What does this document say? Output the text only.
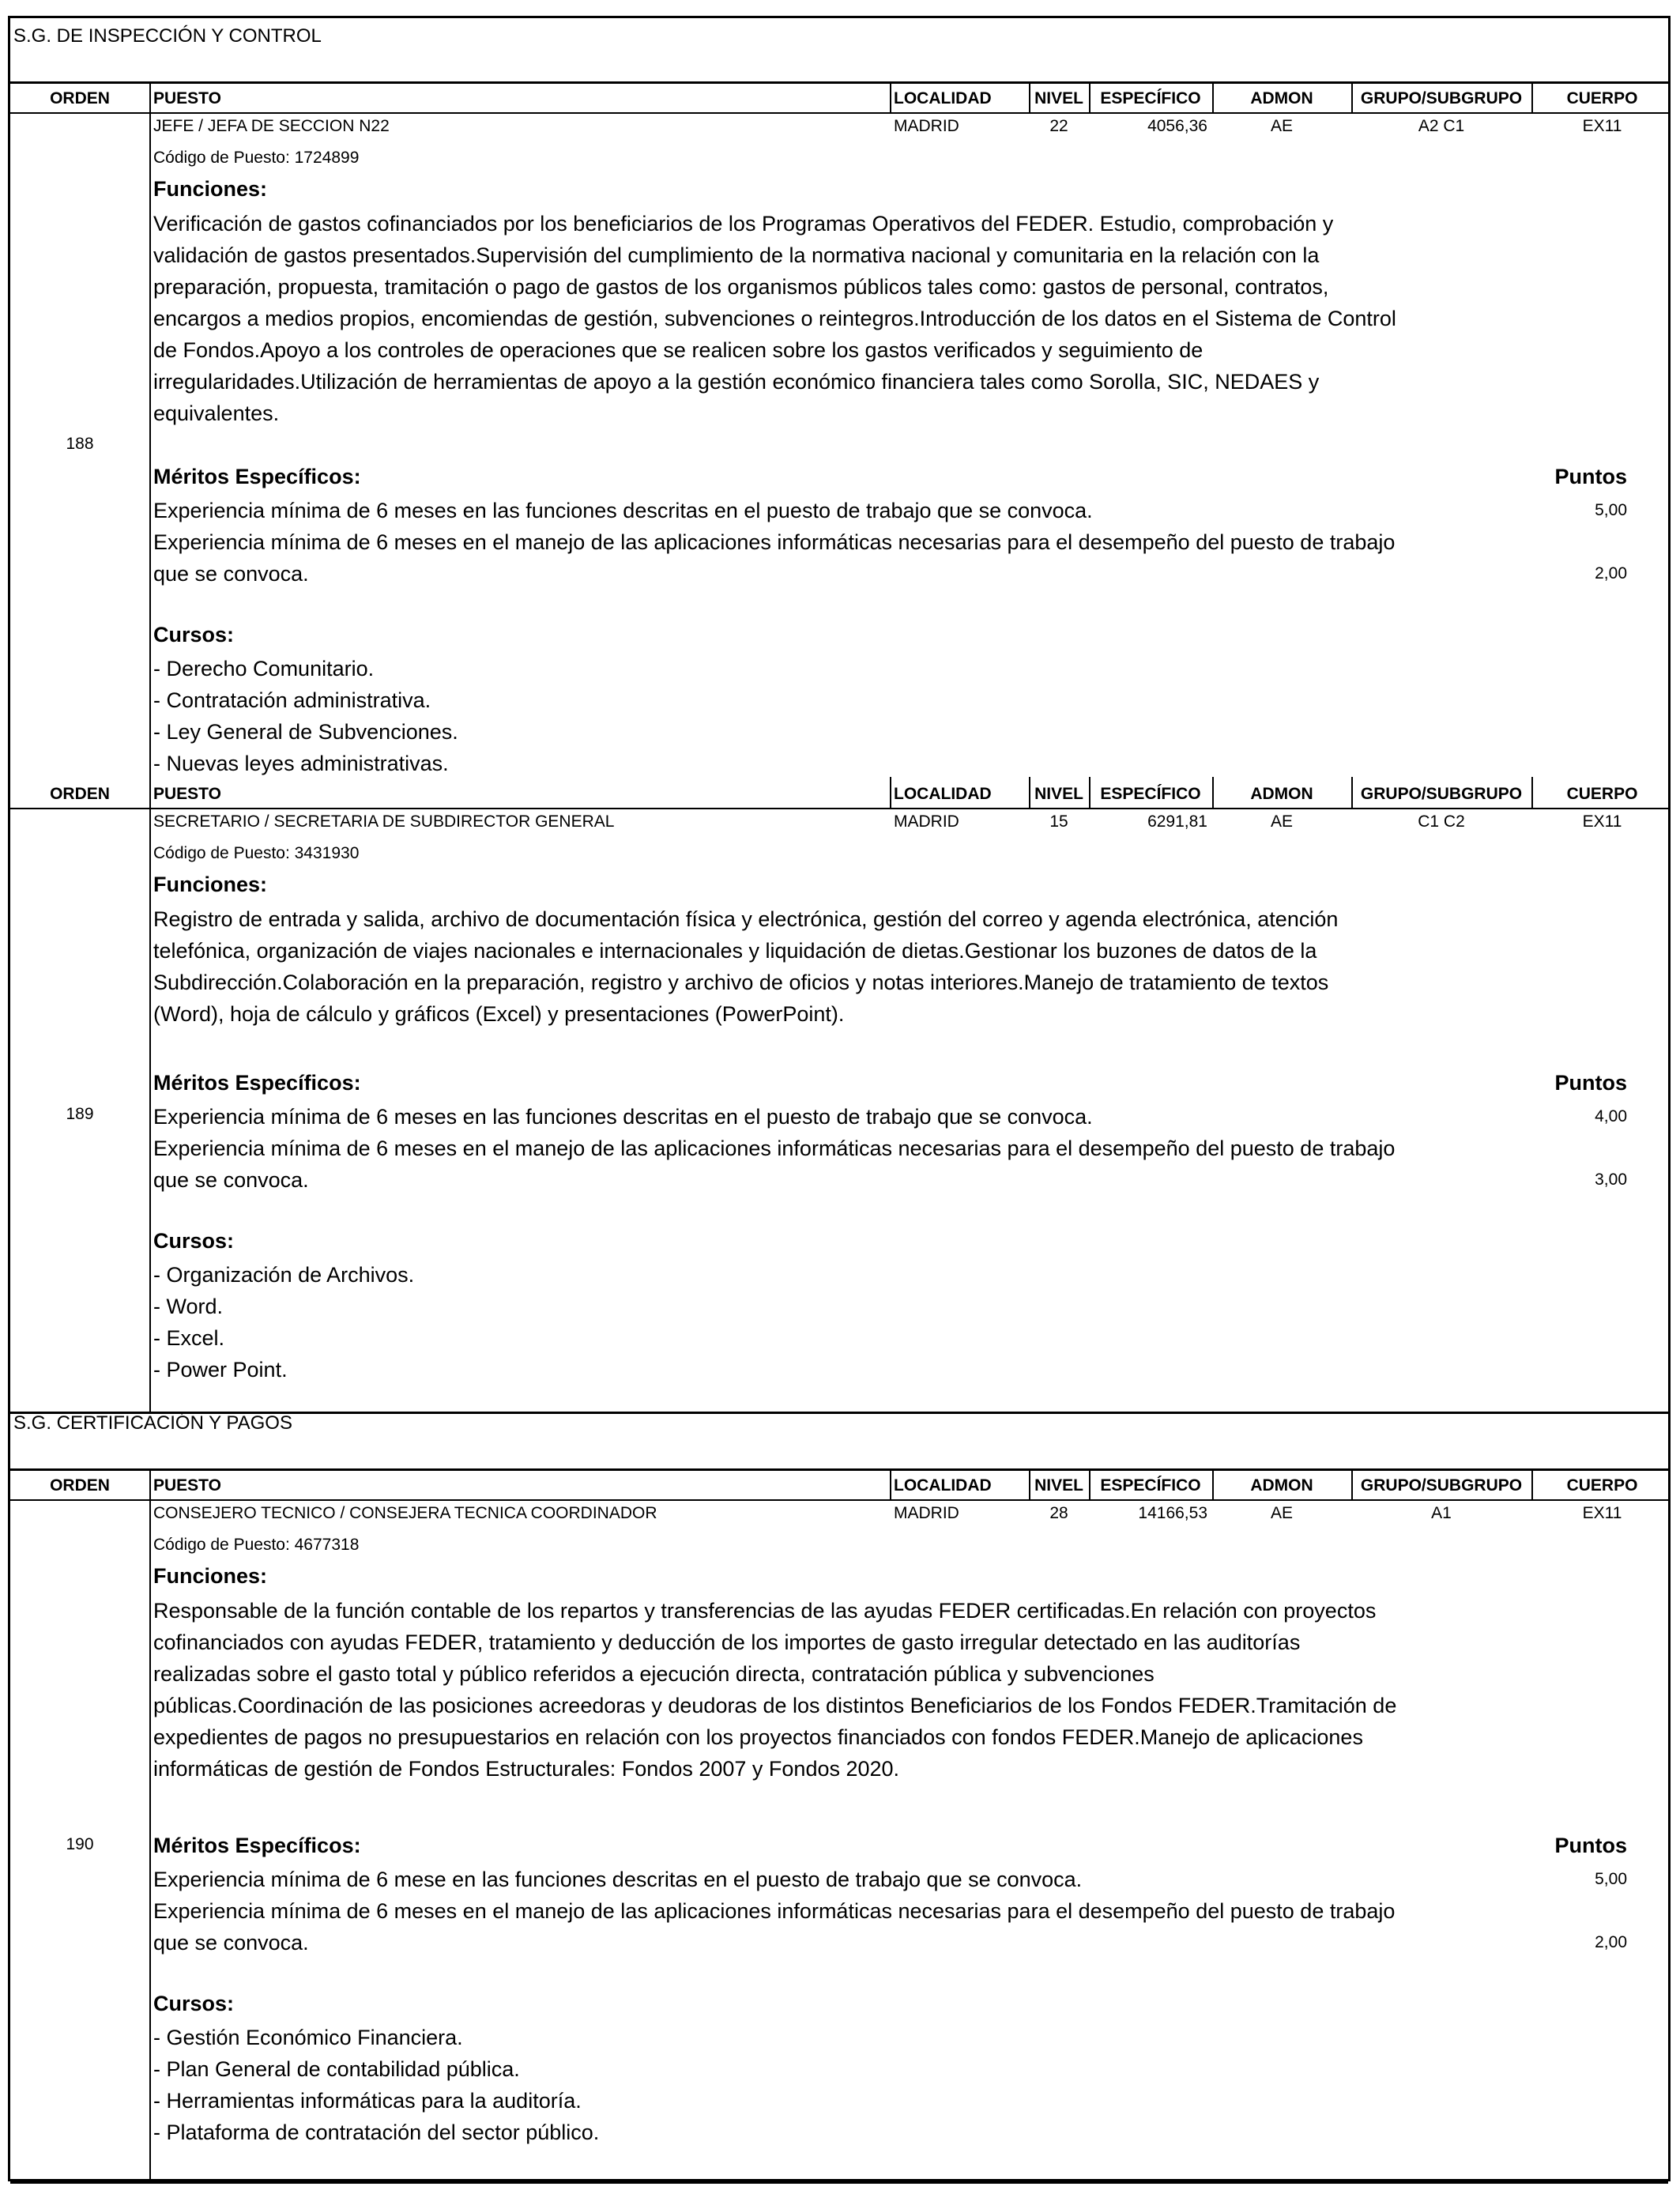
S.G. DE INSPECCIÓN Y CONTROL
ORDEN	PUESTO	LOCALIDAD	NIVEL	ESPECÍFICO	ADMON	GRUPO/SUBGRUPO	CUERPO
JEFE / JEFA DE SECCION N22	MADRID	22	4056,36	AE	A2 C1	EX11
Código de Puesto: 1724899
188
Funciones:
Verificación de gastos cofinanciados por los beneficiarios de los Programas Operativos del FEDER. Estudio, comprobación y
validación de gastos presentados.Supervisión del cumplimiento de la normativa nacional y comunitaria en la relación con la
preparación, propuesta, tramitación o pago de gastos de los organismos públicos tales como: gastos de personal, contratos,
encargos a medios propios, encomiendas de gestión, subvenciones o reintegros.Introducción de los datos en el Sistema de Control
de Fondos.Apoyo a los controles de operaciones que se realicen sobre los gastos verificados y seguimiento de
irregularidades.Utilización de herramientas de apoyo a la gestión económico financiera tales como Sorolla, SIC, NEDAES y
equivalentes.
Méritos Específicos:	Puntos
Experiencia mínima de 6 meses en las funciones descritas en el puesto de trabajo que se convoca.	5,00
Experiencia mínima de 6 meses en el manejo de las aplicaciones informáticas necesarias para el desempeño del puesto de trabajo
que se convoca.	2,00
Cursos:
- Derecho Comunitario.
- Contratación administrativa.
- Ley General de Subvenciones.
- Nuevas leyes administrativas.
ORDEN	PUESTO	LOCALIDAD	NIVEL	ESPECÍFICO	ADMON	GRUPO/SUBGRUPO	CUERPO
SECRETARIO / SECRETARIA DE SUBDIRECTOR GENERAL	MADRID	15	6291,81	AE	C1 C2	EX11
Código de Puesto: 3431930
189
Funciones:
Registro de entrada y salida, archivo de documentación física y electrónica, gestión del correo y agenda electrónica, atención
telefónica, organización de viajes nacionales e internacionales y liquidación de dietas.Gestionar los buzones de datos de la
Subdirección.Colaboración en la preparación, registro y archivo de oficios y notas interiores.Manejo de tratamiento de textos
(Word), hoja de cálculo y gráficos (Excel) y presentaciones (PowerPoint).
Méritos Específicos:	Puntos
Experiencia mínima de 6 meses en las funciones descritas en el puesto de trabajo que se convoca.	4,00
Experiencia mínima de 6 meses en el manejo de las aplicaciones informáticas necesarias para el desempeño del puesto de trabajo
que se convoca.	3,00
Cursos:
- Organización de Archivos.
- Word.
- Excel.
- Power Point.
S.G. CERTIFICACIÓN Y PAGOS
ORDEN	PUESTO	LOCALIDAD	NIVEL	ESPECÍFICO	ADMON	GRUPO/SUBGRUPO	CUERPO
CONSEJERO TECNICO / CONSEJERA TECNICA COORDINADOR	MADRID	28	14166,53	AE	A1	EX11
Código de Puesto: 4677318
190
Funciones:
Responsable de la función contable de los repartos y transferencias de las ayudas FEDER certificadas.En relación con proyectos
cofinanciados con ayudas FEDER, tratamiento y deducción de los importes de gasto irregular detectado en las auditorías
realizadas sobre el gasto total y público referidos a ejecución directa, contratación pública y subvenciones
públicas.Coordinación de las posiciones acreedoras y deudoras de los distintos Beneficiarios de los Fondos FEDER.Tramitación de
expedientes de pagos no presupuestarios en relación con los proyectos financiados con fondos FEDER.Manejo de aplicaciones
informáticas de gestión de Fondos Estructurales: Fondos 2007 y Fondos 2020.
Méritos Específicos:	Puntos
Experiencia mínima de 6 mese en las funciones descritas en el puesto de trabajo que se convoca.	5,00
Experiencia mínima de 6 meses en el manejo de las aplicaciones informáticas necesarias para el desempeño del puesto de trabajo
que se convoca.	2,00
Cursos:
- Gestión Económico Financiera.
- Plan General de contabilidad pública.
- Herramientas informáticas para la auditoría.
- Plataforma de contratación del sector público.
